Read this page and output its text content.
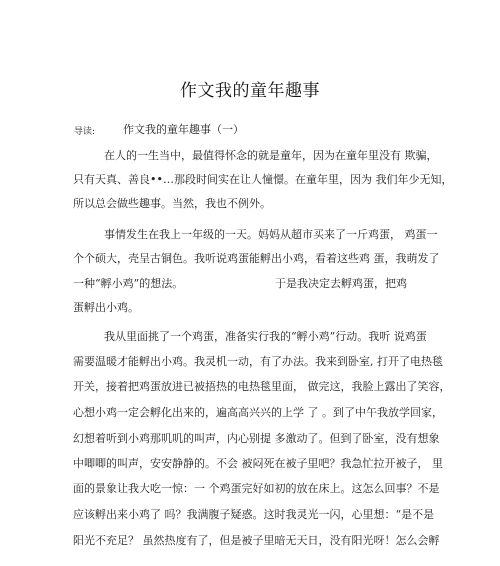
作文我的童年趣事
导读:	作文我的童年趣事（一）
在人的一生当中，最值得怀念的就是童年，因为在童年里没有 欺骗，
只有天真、善良••…那段时间实在让人憧憬。在童年里，因为 我们年少无知，
所以总会做些趣事。当然，我也不例外。
事情发生在我上一年级的一天。妈妈从超市买来了一斤鸡蛋， 鸡蛋一
个个硕大，壳呈古铜色。我听说鸡蛋能孵出小鸡，看着这些鸡 蛋，我萌发了
一种“孵小鸡”的想法。	于是我决定去孵鸡蛋，把鸡
蛋孵出小鸡。
我从里面挑了一个鸡蛋，准备实行我的“孵小鸡”行动。我听 说鸡蛋
需要温暖才能孵出小鸡。我灵机一动，有了办法。我来到卧室, 打开了电热毯
开关，接着把鸡蛋放进已被捂热的电热毯里面， 做完这，我脸上露出了笑容，
心想小鸡一定会孵化出来的，遍高高兴兴的上学 了 。到了中午我放学回家，
幻想着听到小鸡那叽叽的叫声，内心别提 多激动了。但到了卧室，没有想象
中唧唧的叫声，安安静静的。不会 被闷死在被子里吧？我急忙拉开被子， 里
面的景象让我大吃一惊：一 个鸡蛋完好如初的放在床上。这怎么回事？不是
应该孵出来小鸡了 吗？我满腹子疑惑。这时我灵光一闪，心里想：“是不是
阳光不充足？ 虽然热度有了，但是被子里暗无天日，没有阳光呀！怎么会孵
